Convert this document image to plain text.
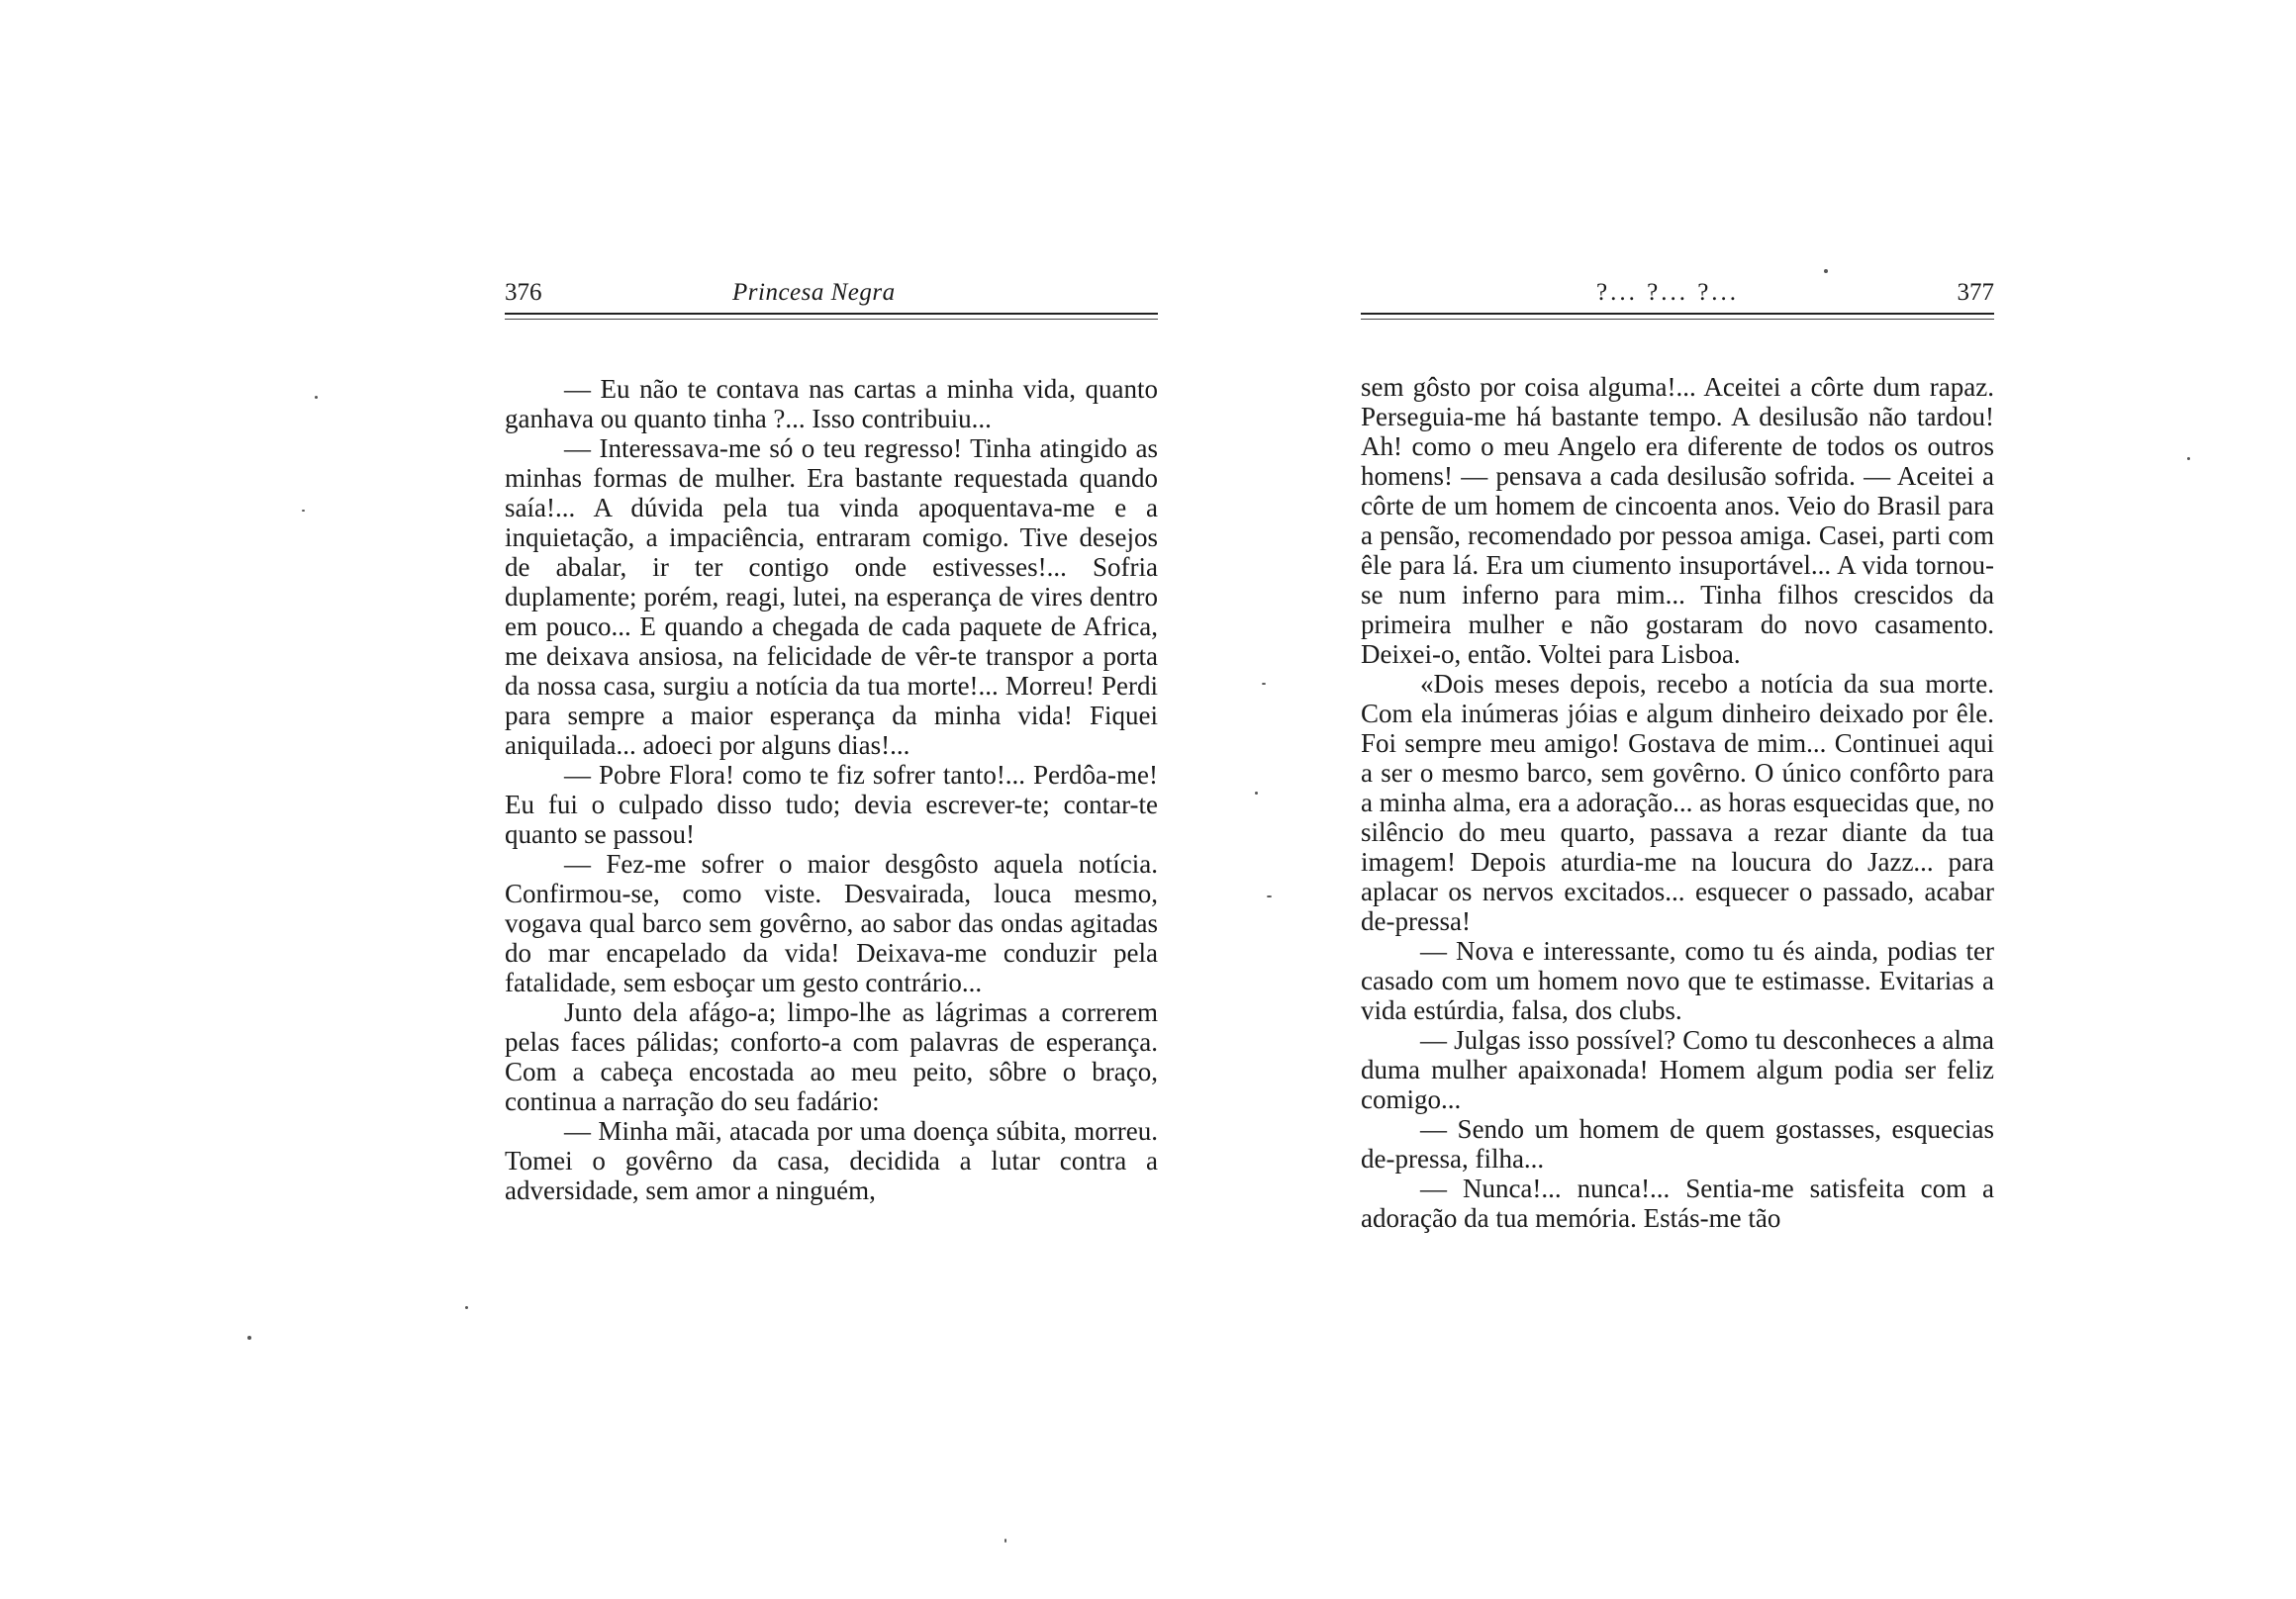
376	Princesa Negra

— Eu não te contava nas cartas a minha vida, quanto ganhava ou quanto tinha ?... Isso contribuiu...

— Interessava-me só o teu regresso! Tinha atingido as minhas formas de mulher. Era bastante requestada quando saía!... A dúvida pela tua vinda apoquentava-me e a inquietação, a impaciência, entraram comigo. Tive desejos de abalar, ir ter contigo onde estivesses!... Sofria duplamente; porém, reagi, lutei, na esperança de vires dentro em pouco... E quando a chegada de cada paquete de Africa, me deixava ansiosa, na felicidade de vêr-te transpor a porta da nossa casa, surgiu a notícia da tua morte!... Morreu! Perdi para sempre a maior esperança da minha vida! Fiquei aniquilada... adoeci por alguns dias!...

— Pobre Flora! como te fiz sofrer tanto!... Perdôa-me! Eu fui o culpado disso tudo; devia escrever-te; contar-te quanto se passou!

— Fez-me sofrer o maior desgôsto aquela notícia. Confirmou-se, como viste. Desvairada, louca mesmo, vogava qual barco sem govêrno, ao sabor das ondas agitadas do mar encapelado da vida! Deixava-me conduzir pela fatalidade, sem esboçar um gesto contrário...

Junto dela afágo-a; limpo-lhe as lágrimas a correrem pelas faces pálidas; conforto-a com palavras de esperança. Com a cabeça encostada ao meu peito, sôbre o braço, continua a narração do seu fadário:

— Minha mãi, atacada por uma doença súbita, morreu. Tomei o govêrno da casa, decidida a lutar contra a adversidade, sem amor a ninguém,

?... ?... ?...	377

sem gôsto por coisa alguma!... Aceitei a côrte dum rapaz. Perseguia-me há bastante tempo. A desilusão não tardou! Ah! como o meu Angelo era diferente de todos os outros homens! — pensava a cada desilusão sofrida. — Aceitei a côrte de um homem de cincoenta anos. Veio do Brasil para a pensão, recomendado por pessoa amiga. Casei, parti com êle para lá. Era um ciumento insuportável... A vida tornou-se num inferno para mim... Tinha filhos crescidos da primeira mulher e não gostaram do novo casamento. Deixei-o, então. Voltei para Lisboa.

«Dois meses depois, recebo a notícia da sua morte. Com ela inúmeras jóias e algum dinheiro deixado por êle. Foi sempre meu amigo! Gostava de mim... Continuei aqui a ser o mesmo barco, sem govêrno. O único confôrto para a minha alma, era a adoração... as horas esquecidas que, no silêncio do meu quarto, passava a rezar diante da tua imagem! Depois aturdia-me na loucura do Jazz... para aplacar os nervos excitados... esquecer o passado, acabar de-pressa!

— Nova e interessante, como tu és ainda, podias ter casado com um homem novo que te estimasse. Evitarias a vida estúrdia, falsa, dos clubs.

— Julgas isso possível? Como tu desconheces a alma duma mulher apaixonada! Homem algum podia ser feliz comigo...

— Sendo um homem de quem gostasses, esquecias de-pressa, filha...

— Nunca!... nunca!... Sentia-me satisfeita com a adoração da tua memória. Estás-me tão
